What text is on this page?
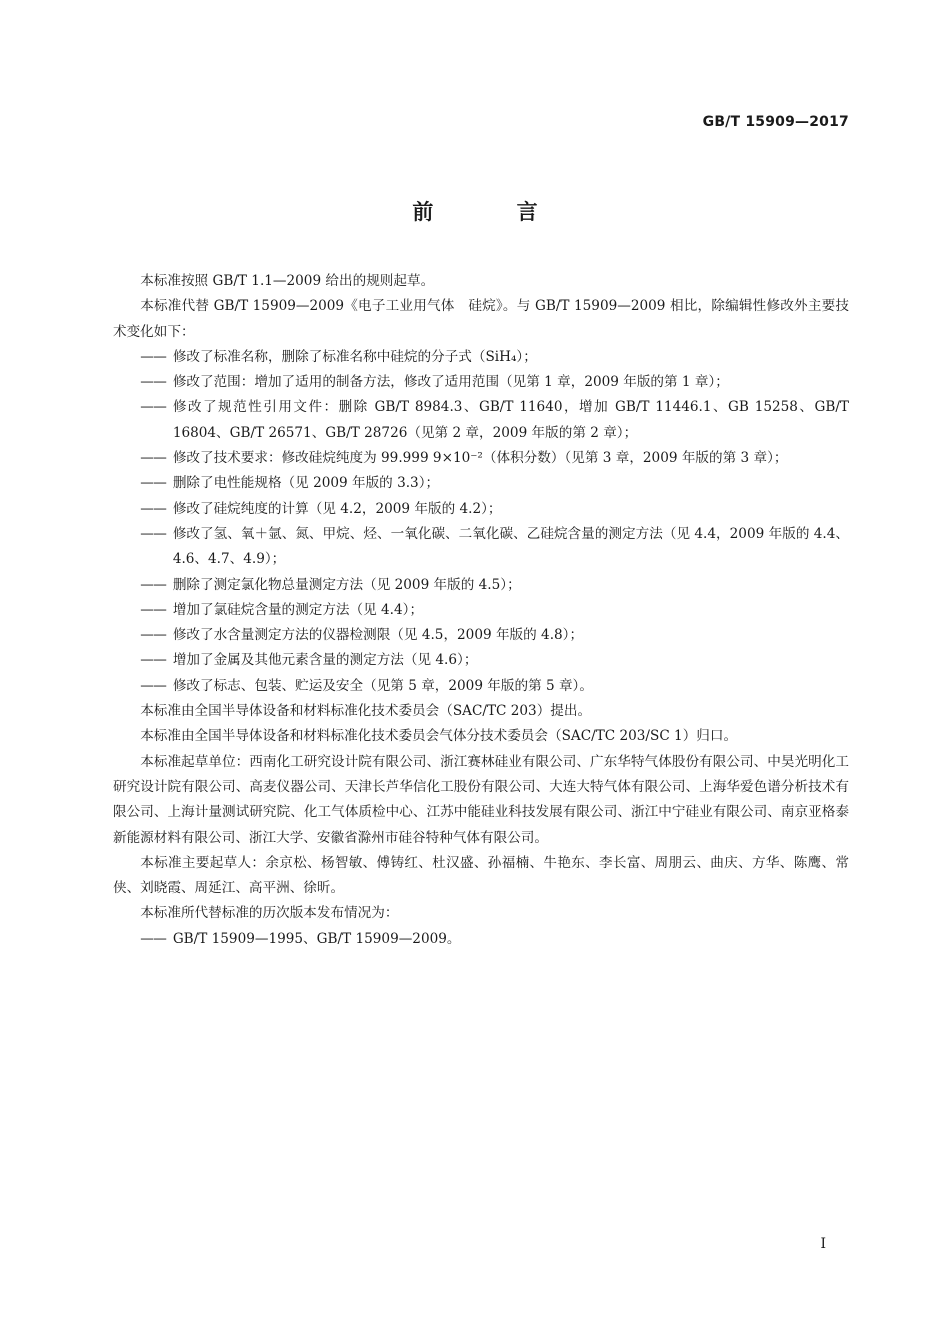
GB/T 15909—2017
前 言

本标准按照 GB/T 1.1—2009 给出的规则起草。

本标准代替 GB/T 15909—2009《电子工业用气体　硅烷》。与 GB/T 15909—2009 相比，除编辑性修改外主要技术变化如下：

—— 修改了标准名称，删除了标准名称中硅烷的分子式（SiH₄）；
—— 修改了范围：增加了适用的制备方法，修改了适用范围（见第 1 章，2009 年版的第 1 章）；
—— 修改了规范性引用文件：删除 GB/T 8984.3、GB/T 11640，增加 GB/T 11446.1、GB 15258、GB/T 16804、GB/T 26571、GB/T 28726（见第 2 章，2009 年版的第 2 章）；
—— 修改了技术要求：修改硅烷纯度为 99.999 9×10⁻²（体积分数）（见第 3 章，2009 年版的第 3 章）；
—— 删除了电性能规格（见 2009 年版的 3.3）；
—— 修改了硅烷纯度的计算（见 4.2，2009 年版的 4.2）；
—— 修改了氢、氧＋氩、氮、甲烷、烃、一氧化碳、二氧化碳、乙硅烷含量的测定方法（见 4.4，2009 年版的 4.4、4.6、4.7、4.9）；
—— 删除了测定氯化物总量测定方法（见 2009 年版的 4.5）；
—— 增加了氯硅烷含量的测定方法（见 4.4）；
—— 修改了水含量测定方法的仪器检测限（见 4.5，2009 年版的 4.8）；
—— 增加了金属及其他元素含量的测定方法（见 4.6）；
—— 修改了标志、包装、贮运及安全（见第 5 章，2009 年版的第 5 章）。

本标准由全国半导体设备和材料标准化技术委员会（SAC/TC 203）提出。

本标准由全国半导体设备和材料标准化技术委员会气体分技术委员会（SAC/TC 203/SC 1）归口。

本标准起草单位：西南化工研究设计院有限公司、浙江赛林硅业有限公司、广东华特气体股份有限公司、中昊光明化工研究设计院有限公司、高麦仪器公司、天津长芦华信化工股份有限公司、大连大特气体有限公司、上海华爱色谱分析技术有限公司、上海计量测试研究院、化工气体质检中心、江苏中能硅业科技发展有限公司、浙江中宁硅业有限公司、南京亚格泰新能源材料有限公司、浙江大学、安徽省滁州市硅谷特种气体有限公司。

本标准主要起草人：余京松、杨智敏、傅铸红、杜汉盛、孙福楠、牛艳东、李长富、周朋云、曲庆、方华、陈鹰、常侠、刘晓霞、周延江、高平洲、徐昕。

本标准所代替标准的历次版本发布情况为：

—— GB/T 15909—1995、GB/T 15909—2009。
I
